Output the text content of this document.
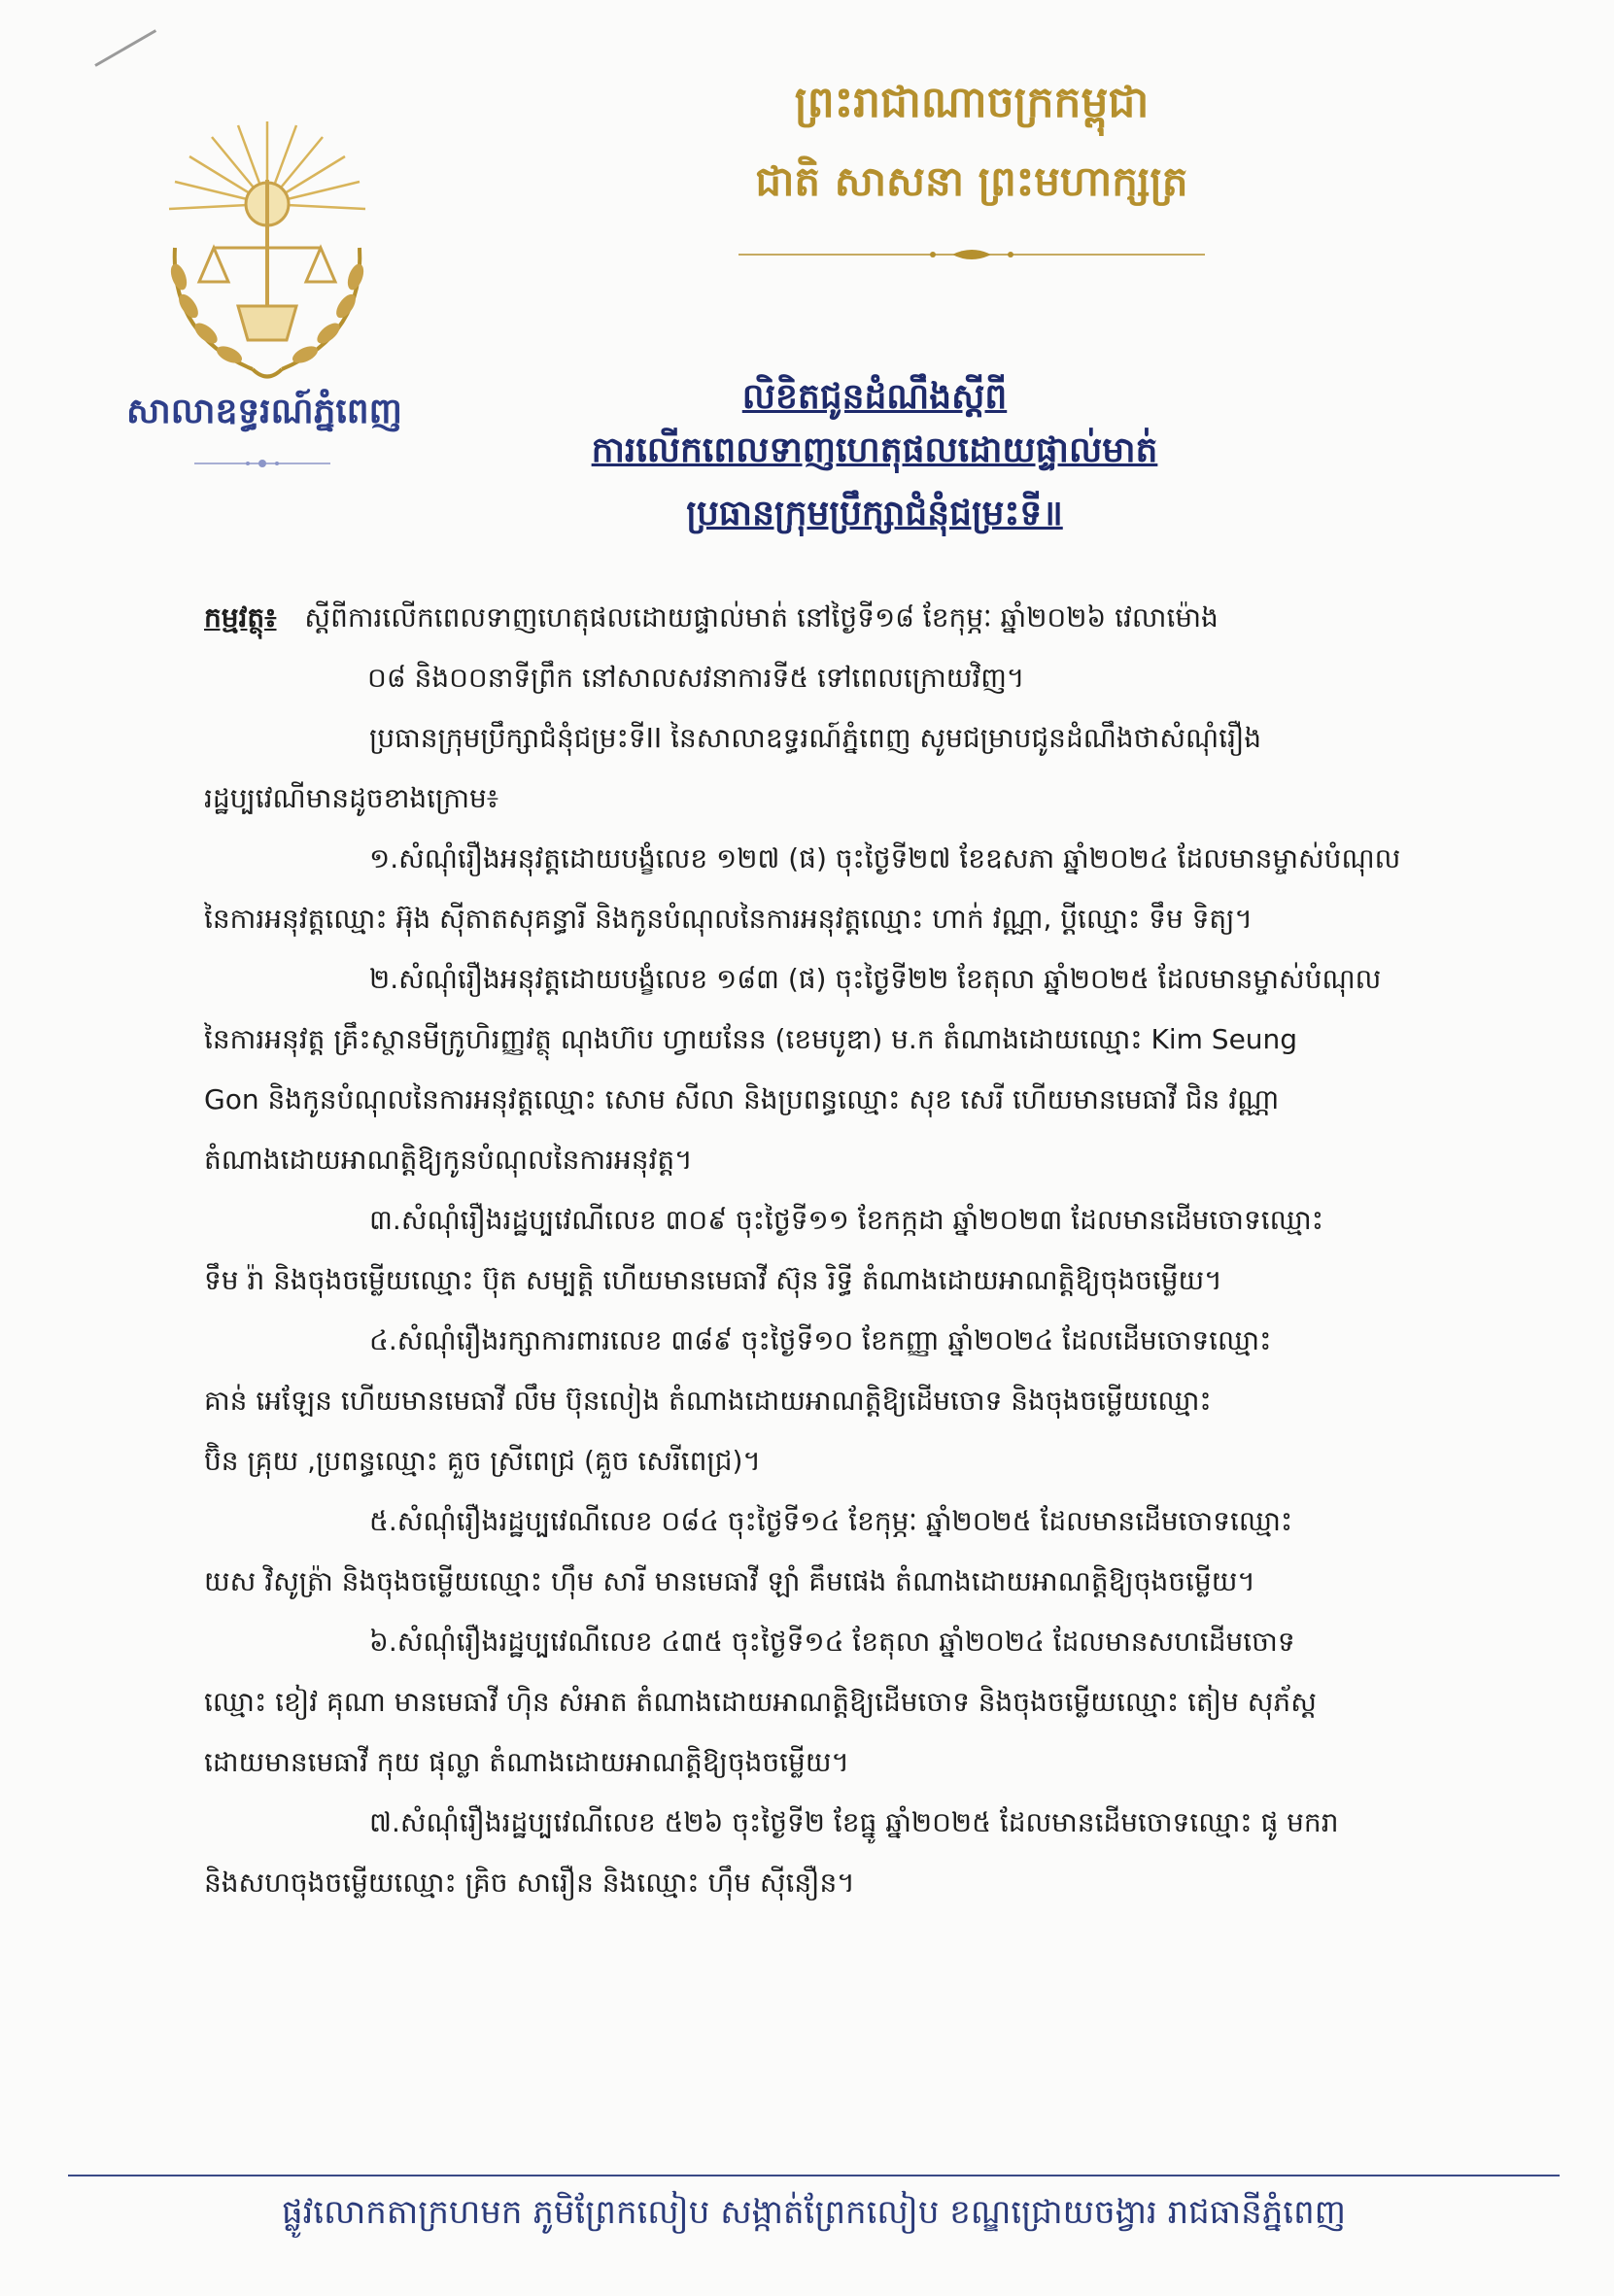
សាលាឧទ្ធរណ៍ភ្នំពេញ
ព្រះរាជាណាចក្រកម្ពុជា
ជាតិ សាសនា ព្រះមហាក្សត្រ
លិខិតជូនដំណឹងស្តីពី
ការលើកពេលទាញហេតុផលដោយផ្ទាល់មាត់
ប្រធានក្រុមប្រឹក្សាជំនុំជម្រះទី॥
កម្មវត្ថុ៖ ស្តីពីការលើកពេលទាញហេតុផលដោយផ្ទាល់មាត់ នៅថ្ងៃទី១៨ ខែកុម្ភៈ ឆ្នាំ២០២៦ វេលាម៉ោង
០៨ និង០០នាទីព្រឹក នៅសាលសវនាការទី៥ ទៅពេលក្រោយវិញ។
ប្រធានក្រុមប្រឹក្សាជំនុំជម្រះទីII នៃសាលាឧទ្ធរណ៍ភ្នំពេញ សូមជម្រាបជូនដំណឹងថាសំណុំរឿង
រដ្ឋប្បវេណីមានដូចខាងក្រោម៖
១.សំណុំរឿងអនុវត្តដោយបង្ខំលេខ ១២៧ (ផ) ចុះថ្ងៃទី២៧ ខែឧសភា ឆ្នាំ២០២៤ ដែលមានម្ចាស់បំណុល
នៃការអនុវត្តឈ្មោះ អ៊ុង ស៊ីតាតសុគន្ធារី និងកូនបំណុលនៃការអនុវត្តឈ្មោះ ហាក់ វណ្ណា, ប្តីឈ្មោះ ទឹម ទិត្យ។
២.សំណុំរឿងអនុវត្តដោយបង្ខំលេខ ១៨៣ (ផ) ចុះថ្ងៃទី២២ ខែតុលា ឆ្នាំ២០២៥ ដែលមានម្ចាស់បំណុល
នៃការអនុវត្ត គ្រឹះស្ថានមីក្រូហិរញ្ញវត្ថុ ណុងហ៊ប ហ្វាយនែន (ខេមបូឌា) ម.ក តំណាងដោយឈ្មោះ Kim Seung
Gon និងកូនបំណុលនៃការអនុវត្តឈ្មោះ សោម សីលា និងប្រពន្ធឈ្មោះ សុខ សេរី ហើយមានមេធាវី ជិន វណ្ណា
តំណាងដោយអាណត្តិឱ្យកូនបំណុលនៃការអនុវត្ត។
៣.សំណុំរឿងរដ្ឋប្បវេណីលេខ ៣០៩ ចុះថ្ងៃទី១១ ខែកក្កដា ឆ្នាំ២០២៣ ដែលមានដើមចោទឈ្មោះ
ទឹម រ៉ា និងចុងចម្លើយឈ្មោះ ប៊ុត សម្បត្តិ ហើយមានមេធាវី ស៊ុន រិទ្ធី តំណាងដោយអាណត្តិឱ្យចុងចម្លើយ។
៤.សំណុំរឿងរក្សាការពារលេខ ៣៨៩ ចុះថ្ងៃទី១០ ខែកញ្ញា ឆ្នាំ២០២៤ ដែលដើមចោទឈ្មោះ
គាន់ អេឡែន ហើយមានមេធាវី លឹម ប៊ុនលៀង តំណាងដោយអាណត្តិឱ្យដើមចោទ និងចុងចម្លើយឈ្មោះ
ប៊ិន គ្រុយ ,ប្រពន្ធឈ្មោះ គួច ស្រីពេជ្រ (គួច សេរីពេជ្រ)។
៥.សំណុំរឿងរដ្ឋប្បវេណីលេខ ០៨៤ ចុះថ្ងៃទី១៤ ខែកុម្ភៈ ឆ្នាំ២០២៥ ដែលមានដើមចោទឈ្មោះ
យស វិសូត្រ៉ា និងចុងចម្លើយឈ្មោះ ហ៊ឹម សារី មានមេធាវី ឡាំ គឹមផេង តំណាងដោយអាណត្តិឱ្យចុងចម្លើយ។
៦.សំណុំរឿងរដ្ឋប្បវេណីលេខ ៤៣៥ ចុះថ្ងៃទី១៤ ខែតុលា ឆ្នាំ២០២៤ ដែលមានសហដើមចោទ
ឈ្មោះ ខៀវ គុណា មានមេធាវី ហ៊ិន សំអាត តំណាងដោយអាណត្តិឱ្យដើមចោទ និងចុងចម្លើយឈ្មោះ តៀម សុភ័ស្ត
ដោយមានមេធាវី កុយ ផុល្លា តំណាងដោយអាណត្តិឱ្យចុងចម្លើយ។
៧.សំណុំរឿងរដ្ឋប្បវេណីលេខ ៥២៦ ចុះថ្ងៃទី២ ខែធ្នូ ឆ្នាំ២០២៥ ដែលមានដើមចោទឈ្មោះ ផូ មករា
និងសហចុងចម្លើយឈ្មោះ គ្រិច សារឿន និងឈ្មោះ ហ៊ឹម ស៊ីនឿន។
ផ្លូវលោកតាក្រហមក ភូមិព្រែកលៀប សង្កាត់ព្រែកលៀប ខណ្ឌជ្រោយចង្វារ រាជធានីភ្នំពេញ
